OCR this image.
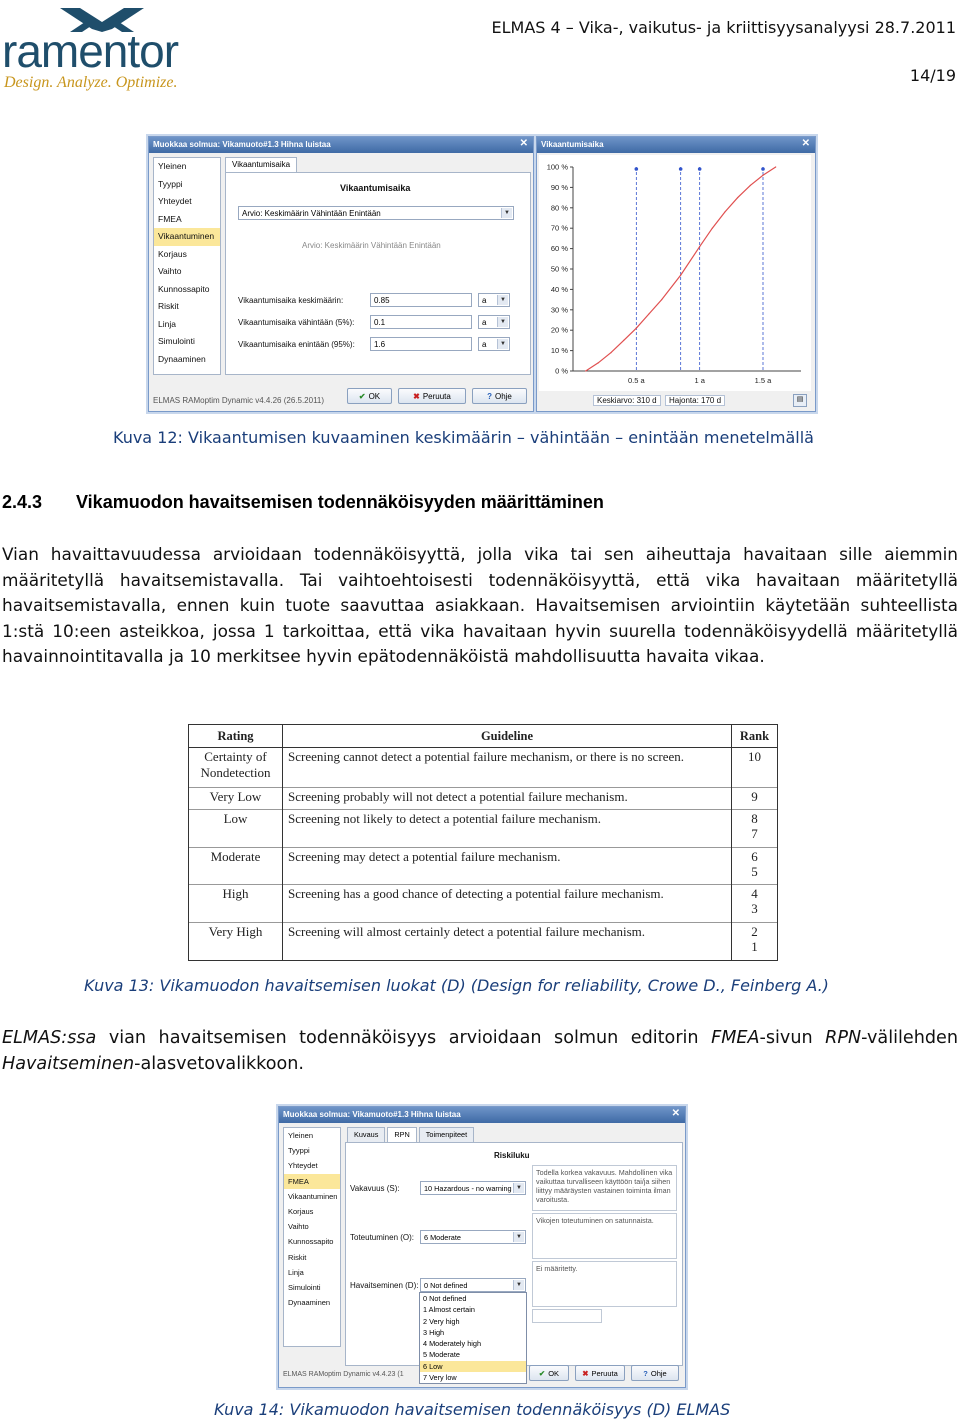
ramentor
Design. Analyze. Optimize.
ELMAS 4 – Vika-, vaikutus- ja kriittisyysanalyysi 28.7.2011
14/19
Muokkaa solmua: Vikamuoto#1.3 Hihna luistaa	✕
Yleinen
Tyyppi
Yhteydet
FMEA
Vikaantuminen
Korjaus
Vaihto
Kunnossapito
Riskit
Linja
Simulointi
Dynaaminen
Vikaantumisaika
Vikaantumisaika
Arvio: Keskimäärin Vähintään Enintään	▼
Arvio: Keskimäärin Vähintään Enintään
Vikaantumisaika keskimäärin:	0.85	a	▼
Vikaantumisaika vähintään (5%):	0.1	a	▼
Vikaantumisaika enintään (95%):	1.6	a	▼
ELMAS RAMoptim Dynamic v4.4.26 (26.5.2011)	✔ OK	✖ Peruuta	? Ohje
Vikaantumisaika	✕
0 %
10 %
20 %
30 %
40 %
50 %
60 %
70 %
80 %
90 %
100 %
0.5 a	1 a	1.5 a
Keskiarvo: 310 d	Hajonta: 170 d	▤
Kuva 12: Vikaantumisen kuvaaminen keskimäärin – vähintään – enintään menetelmällä
2.4.3 Vikamuodon havaitsemisen todennäköisyyden määrittäminen
Vian havaittavuudessa arvioidaan todennäköisyyttä, jolla vika tai sen aiheuttaja havaitaan sille aiemmin määritetyllä havaitsemistavalla. Tai vaihtoehtoisesti todennäköisyyttä, että vika havaitaan määritetyllä havaitsemistavalla, ennen kuin tuote saavuttaa asiakkaan. Havaitsemisen arviointiin käytetään suhteellista 1:stä 10:een asteikkoa, jossa 1 tarkoittaa, että vika havaitaan hyvin suurella todennäköisyydellä määritetyllä havainnointitavalla ja 10 merkitsee hyvin epätodennäköistä mahdollisuutta havaita vikaa.
Rating	Guideline	Rank
Certainty of Nondetection	Screening cannot detect a potential failure mechanism, or there is no screen.	10
Very Low	Screening probably will not detect a potential failure mechanism.	9
Low	Screening not likely to detect a potential failure mechanism.	8
7
Moderate	Screening may detect a potential failure mechanism.	6
5
High	Screening has a good chance of detecting a potential failure mechanism.	4
3
Very High	Screening will almost certainly detect a potential failure mechanism.	2
1
Kuva 13: Vikamuodon havaitsemisen luokat (D) (Design for reliability, Crowe D., Feinberg A.)
ELMAS:ssa vian havaitsemisen todennäköisyys arvioidaan solmun editorin FMEA-sivun RPN-välilehden Havaitseminen-alasvetovalikkoon.
Muokkaa solmua: Vikamuoto#1.3 Hihna luistaa	✕
Yleinen
Tyyppi
Yhteydet
FMEA
Vikaantuminen
Korjaus
Vaihto
Kunnossapito
Riskit
Linja
Simulointi
Dynaaminen
Kuvaus	RPN	Toimenpiteet
Riskiluku
Vakavuus (S):	10 Hazardous - no warning ▼
Todella korkea vakavuus. Mahdollinen vika vaikuttaa turvalliseen käyttöön tai/ja siihen liittyy määräysten vastainen toiminta ilman varoitusta.
Toteutuminen (O):	6 Moderate	▼
Vikojen toteutuminen on satunnaista.
Havaitseminen (D): 0 Not defined	▼
Ei määritetty.
0 Not defined
1 Almost certain
2 Very high
3 High
4 Moderately high
5 Moderate
6 Low
7 Very low
ELMAS RAMoptim Dynamic v4.4.23 (1	✔ OK	✖ Peruuta	? Ohje
Kuva 14: Vikamuodon havaitsemisen todennäköisyys (D) ELMAS
